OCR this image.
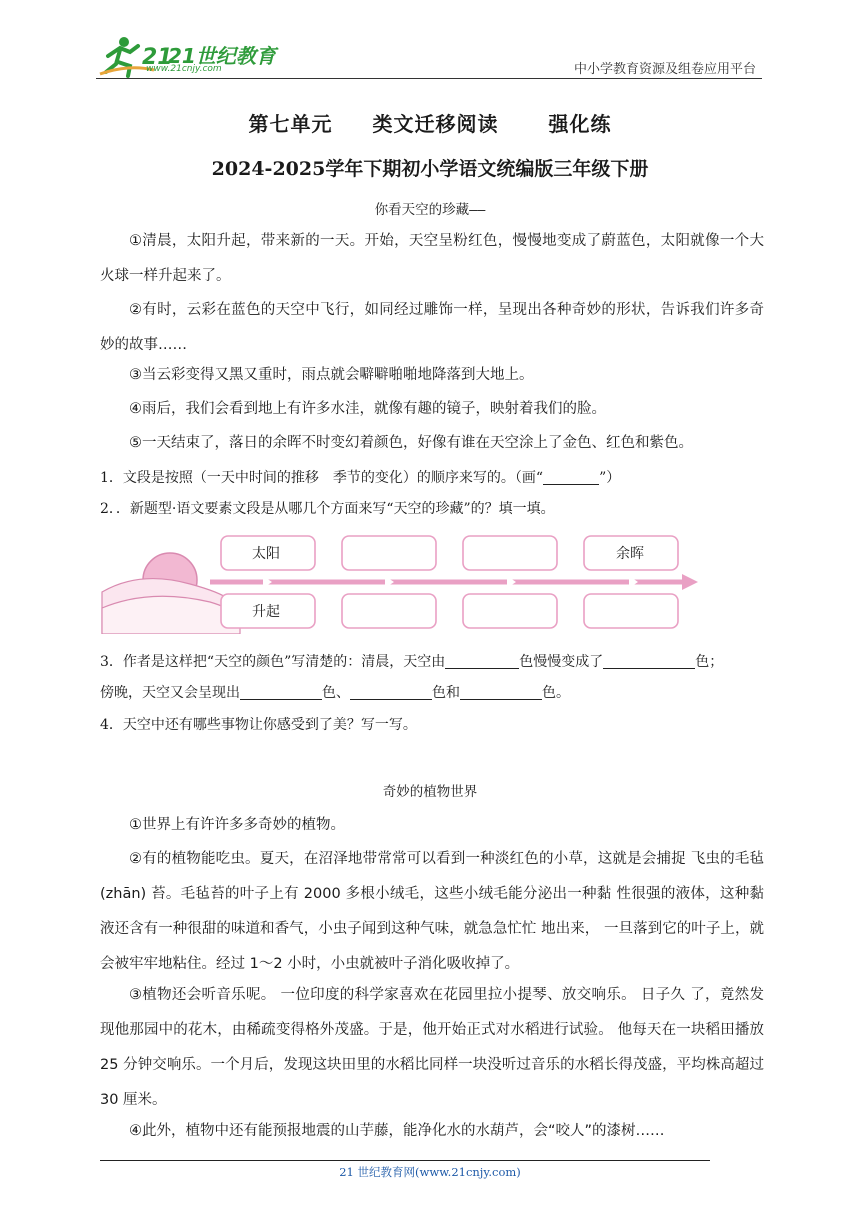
21
21世纪教育
www.21cnjy.com	中小学教育资源及组卷应用平台
第七单元 类文迁移阅读	强化练
2024-2025学年下期初小学语文统编版三年级下册
你看天空的珍藏——
①清晨，太阳升起，带来新的一天。开始，天空呈粉红色，慢慢地变成了蔚蓝色，太阳就像一个大火球一样升起来了。
②有时，云彩在蓝色的天空中飞行，如同经过雕饰一样，呈现出各种奇妙的形状，告诉我们许多奇妙的故事……
③当云彩变得又黑又重时，雨点就会噼噼啪啪地降落到大地上。
④雨后，我们会看到地上有许多水洼，就像有趣的镜子，映射着我们的脸。
⑤一天结束了，落日的余晖不时变幻着颜色，好像有谁在天空涂上了金色、红色和紫色。
1．文段是按照（一天中时间的推移　季节的变化）的顺序来写的。（画“	”）
2．．新题型·语文要素文段是从哪几个方面来写“天空的珍藏”的？填一填。
太阳
升起
余晖
3．作者是这样把“天空的颜色”写清楚的：清晨，天空由	色慢慢变成了	色；
傍晚，天空又会呈现出	色、	色和	色。
4．天空中还有哪些事物让你感受到了美？写一写。
奇妙的植物世界
①世界上有许许多多奇妙的植物。
②有的植物能吃虫。夏天，在沼泽地带常常可以看到一种淡红色的小草，这就是会捕捉 飞虫的毛毡(zhān) 苔。毛毡苔的叶子上有 2000 多根小绒毛，这些小绒毛能分泌出一种黏 性很强的液体，这种黏液还含有一种很甜的味道和香气，小虫子闻到这种气味，就急急忙忙 地出来， 一旦落到它的叶子上，就会被牢牢地粘住。经过 1～2 小时，小虫就被叶子消化吸收掉了。
③植物还会听音乐呢。 一位印度的科学家喜欢在花园里拉小提琴、放交响乐。 日子久 了，竟然发现他那园中的花木，由稀疏变得格外茂盛。于是，他开始正式对水稻进行试验。 他每天在一块稻田播放 25 分钟交响乐。一个月后，发现这块田里的水稻比同样一块没听过音乐的水稻长得茂盛，平均株高超过 30 厘米。
④此外，植物中还有能预报地震的山芋藤，能净化水的水葫芦，会“咬人”的漆树……
21 世纪教育网(www.21cnjy.com)
